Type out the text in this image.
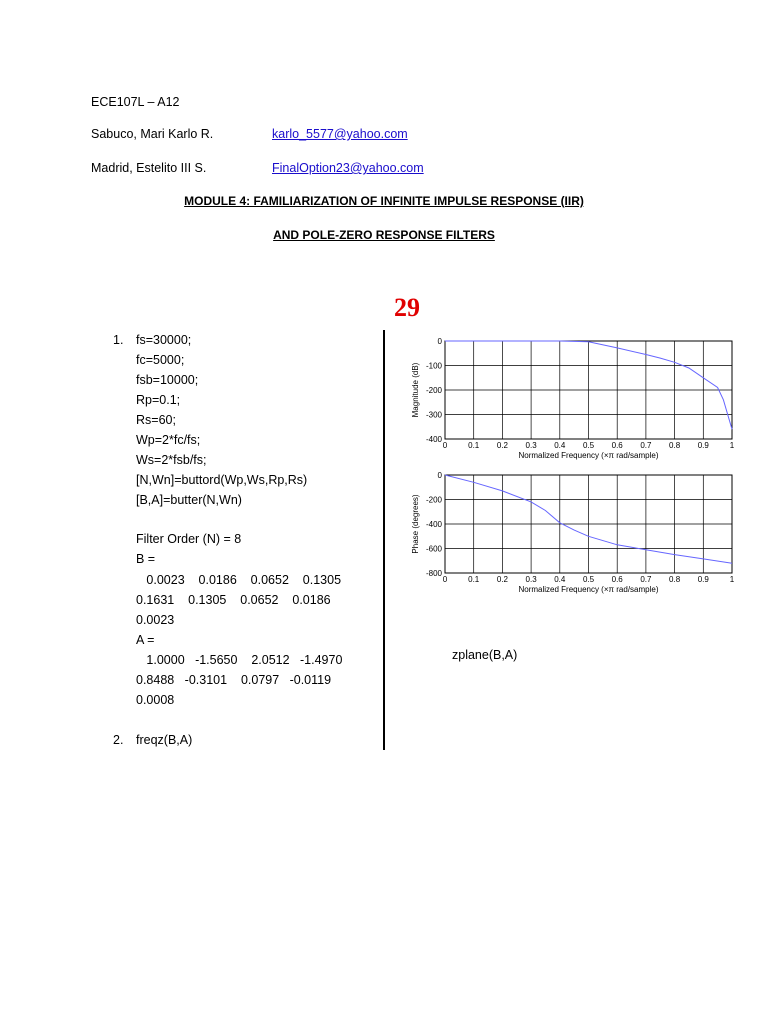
ECE107L – A12
Sabuco, Mari Karlo R.	karlo_5577@yahoo.com
Madrid, Estelito III S.	FinalOption23@yahoo.com
MODULE 4: FAMILIARIZATION OF INFINITE IMPULSE RESPONSE (IIR)
AND POLE-ZERO RESPONSE FILTERS
29
1. fs=30000;
fc=5000;
fsb=10000;
Rp=0.1;
Rs=60;
Wp=2*fc/fs;
Ws=2*fsb/fs;
[N,Wn]=buttord(Wp,Ws,Rp,Rs)
[B,A]=butter(N,Wn)
Filter Order (N) = 8
B =
0.0023    0.0186    0.0652    0.1305
0.1631    0.1305    0.0652    0.0186
0.0023
A =
1.0000   -1.5650    2.0512   -1.4970
0.8488   -0.3101    0.0797   -0.0119
0.0008
2. freqz(B,A)
0	0.1 0.2 0.3 0.4 0.5 0.6 0.7 0.8 0.9	1
0
-100
-200
-300
-400
Normalized Frequency (×π rad/sample)
Magnitude (dB)
0	0.1 0.2 0.3 0.4 0.5 0.6 0.7 0.8 0.9	1
0
-200
-400
-600
-800
Normalized Frequency (×π rad/sample)
Phase (degrees)
zplane(B,A)
